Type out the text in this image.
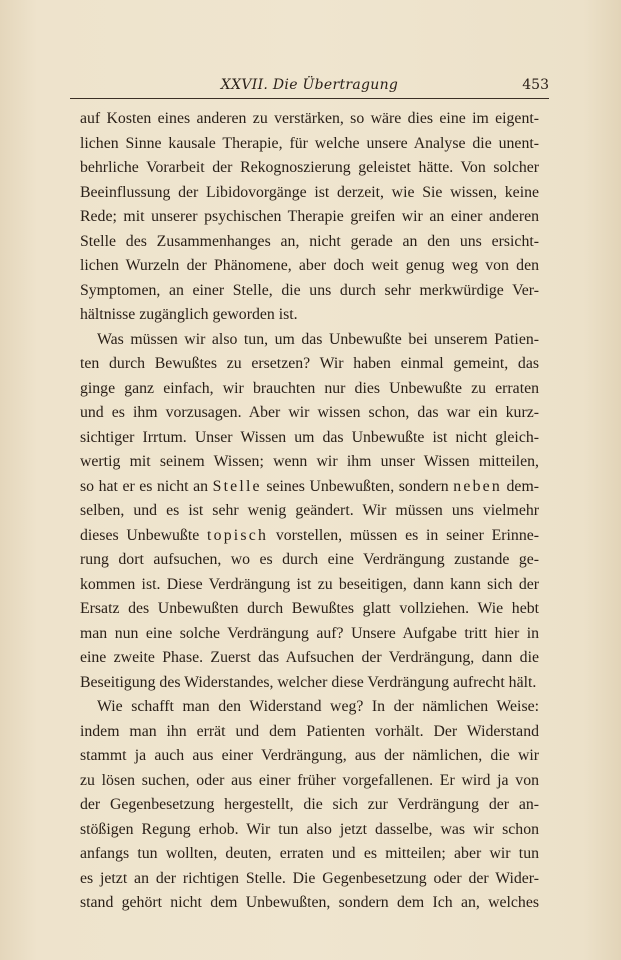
XXVII. Die Übertragung	453

auf Kosten eines anderen zu verstärken, so wäre dies eine im eigent-
lichen Sinne kausale Therapie, für welche unsere Analyse die unent-
behrliche Vorarbeit der Rekognoszierung geleistet hätte. Von solcher
Beeinflussung der Libidovorgänge ist derzeit, wie Sie wissen, keine
Rede; mit unserer psychischen Therapie greifen wir an einer anderen
Stelle des Zusammenhanges an, nicht gerade an den uns ersicht-
lichen Wurzeln der Phänomene, aber doch weit genug weg von den
Symptomen, an einer Stelle, die uns durch sehr merkwürdige Ver-
hältnisse zugänglich geworden ist.

Was müssen wir also tun, um das Unbewußte bei unserem Patien-
ten durch Bewußtes zu ersetzen? Wir haben einmal gemeint, das
ginge ganz einfach, wir brauchten nur dies Unbewußte zu erraten
und es ihm vorzusagen. Aber wir wissen schon, das war ein kurz-
sichtiger Irrtum. Unser Wissen um das Unbewußte ist nicht gleich-
wertig mit seinem Wissen; wenn wir ihm unser Wissen mitteilen,
so hat er es nicht an Stelle seines Unbewußten, sondern neben dem-
selben, und es ist sehr wenig geändert. Wir müssen uns vielmehr
dieses Unbewußte topisch vorstellen, müssen es in seiner Erinne-
rung dort aufsuchen, wo es durch eine Verdrängung zustande ge-
kommen ist. Diese Verdrängung ist zu beseitigen, dann kann sich der
Ersatz des Unbewußten durch Bewußtes glatt vollziehen. Wie hebt
man nun eine solche Verdrängung auf? Unsere Aufgabe tritt hier in
eine zweite Phase. Zuerst das Aufsuchen der Verdrängung, dann die
Beseitigung des Widerstandes, welcher diese Verdrängung aufrecht hält.

Wie schafft man den Widerstand weg? In der nämlichen Weise:
indem man ihn errät und dem Patienten vorhält. Der Widerstand
stammt ja auch aus einer Verdrängung, aus der nämlichen, die wir
zu lösen suchen, oder aus einer früher vorgefallenen. Er wird ja von
der Gegenbesetzung hergestellt, die sich zur Verdrängung der an-
stößigen Regung erhob. Wir tun also jetzt dasselbe, was wir schon
anfangs tun wollten, deuten, erraten und es mitteilen; aber wir tun
es jetzt an der richtigen Stelle. Die Gegenbesetzung oder der Wider-
stand gehört nicht dem Unbewußten, sondern dem Ich an, welches
